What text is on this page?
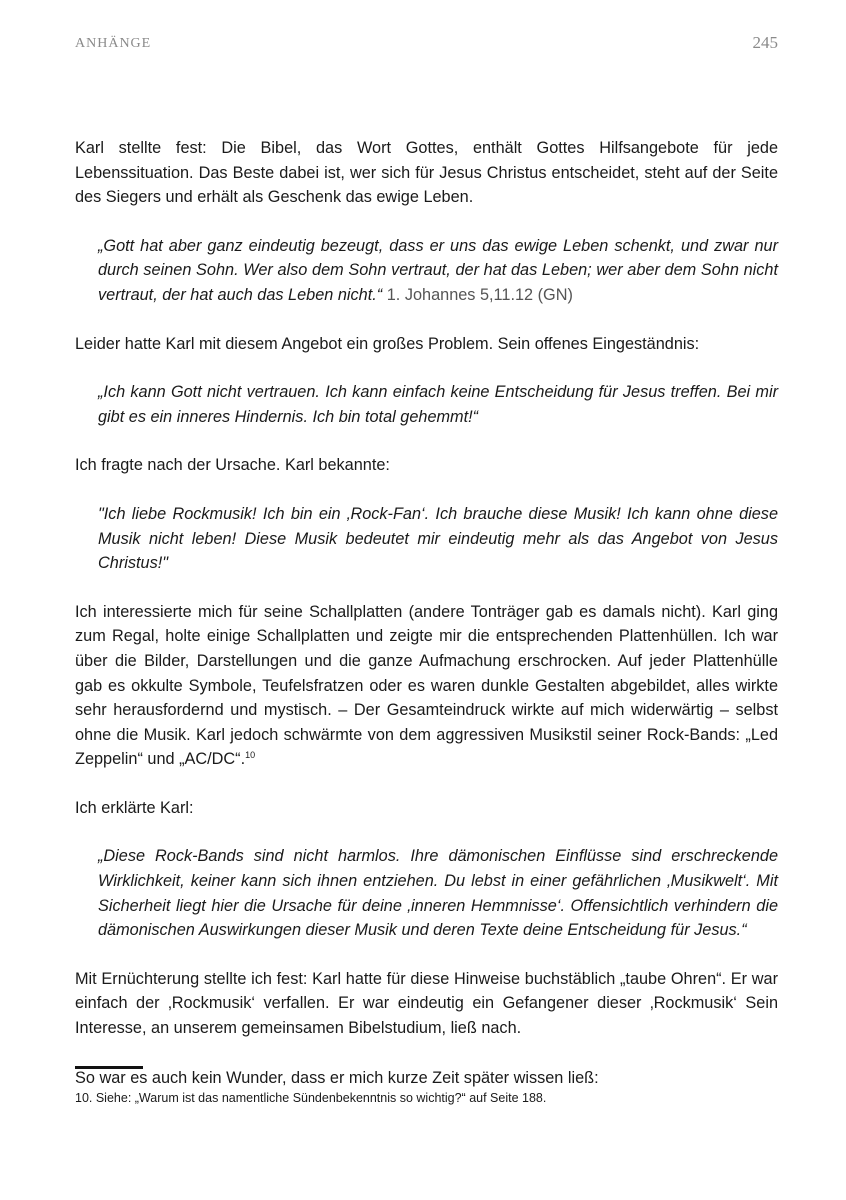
ANHÄNGE	245

Karl stellte fest: Die Bibel, das Wort Gottes, enthält Gottes Hilfsangebote für jede Lebenssituation. Das Beste dabei ist, wer sich für Jesus Christus entscheidet, steht auf der Seite des Siegers und erhält als Geschenk das ewige Leben.

„Gott hat aber ganz eindeutig bezeugt, dass er uns das ewige Leben schenkt, und zwar nur durch seinen Sohn. Wer also dem Sohn vertraut, der hat das Leben; wer aber dem Sohn nicht vertraut, der hat auch das Leben nicht.“ 1. Johannes 5,11.12 (GN)

Leider hatte Karl mit diesem Angebot ein großes Problem. Sein offenes Eingeständnis:

„Ich kann Gott nicht vertrauen. Ich kann einfach keine Entscheidung für Jesus treffen. Bei mir gibt es ein inneres Hindernis. Ich bin total gehemmt!“

Ich fragte nach der Ursache. Karl bekannte:

"Ich liebe Rockmusik! Ich bin ein ‚Rock-Fan‘. Ich brauche diese Musik! Ich kann ohne diese Musik nicht leben! Diese Musik bedeutet mir eindeutig mehr als das Angebot von Jesus Christus!"

Ich interessierte mich für seine Schallplatten (andere Tonträger gab es damals nicht). Karl ging zum Regal, holte einige Schallplatten und zeigte mir die entsprechenden Plattenhüllen. Ich war über die Bilder, Darstellungen und die ganze Aufmachung erschrocken. Auf jeder Plattenhülle gab es okkulte Symbole, Teufelsfratzen oder es waren dunkle Gestalten abgebildet, alles wirkte sehr herausfordernd und mystisch. – Der Gesamteindruck wirkte auf mich widerwärtig – selbst ohne die Musik. Karl jedoch schwärmte von dem aggressiven Musikstil seiner Rock-Bands: „Led Zeppelin“ und „AC/DC“.$^{10}$

Ich erklärte Karl:

„Diese Rock-Bands sind nicht harmlos. Ihre dämonischen Einflüsse sind erschreckende Wirklichkeit, keiner kann sich ihnen entziehen. Du lebst in einer gefährlichen ‚Musikwelt‘. Mit Sicherheit liegt hier die Ursache für deine ‚inneren Hemmnisse‘. Offensichtlich verhindern die dämonischen Auswirkungen dieser Musik und deren Texte deine Entscheidung für Jesus.“

Mit Ernüchterung stellte ich fest: Karl hatte für diese Hinweise buchstäblich „taube Ohren“. Er war einfach der ‚Rockmusik‘ verfallen. Er war eindeutig ein Gefangener dieser ‚Rockmusik‘ Sein Interesse, an unserem gemeinsamen Bibelstudium, ließ nach.

So war es auch kein Wunder, dass er mich kurze Zeit später wissen ließ:

10. Siehe: „Warum ist das namentliche Sündenbekenntnis so wichtig?“ auf Seite 188.
